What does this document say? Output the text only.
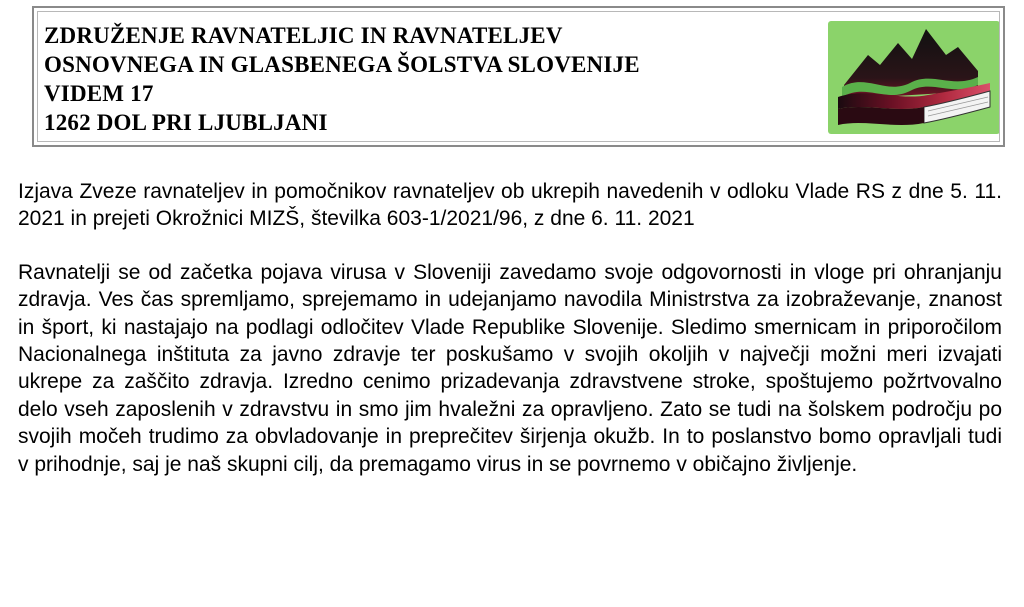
ZDRUŽENJE RAVNATELJIC IN RAVNATELJEV
OSNOVNEGA IN GLASBENEGA ŠOLSTVA SLOVENIJE
VIDEM 17
1262 DOL PRI LJUBLJANI

Izjava Zveze ravnateljev in pomočnikov ravnateljev ob ukrepih navedenih v odloku Vlade RS z dne 5. 11. 2021 in prejeti Okrožnici MIZŠ, številka 603-1/2021/96, z dne 6. 11. 2021

Ravnatelji se od začetka pojava virusa v Sloveniji zavedamo svoje odgovornosti in vloge pri ohranjanju zdravja. Ves čas spremljamo, sprejemamo in udejanjamo navodila Ministrstva za izobraževanje, znanost in šport, ki nastajajo na podlagi odločitev Vlade Republike Slovenije. Sledimo smernicam in priporočilom Nacionalnega inštituta za javno zdravje ter poskušamo v svojih okoljih v največji možni meri izvajati ukrepe za zaščito zdravja. Izredno cenimo prizadevanja zdravstvene stroke, spoštujemo požrtvovalno delo vseh zaposlenih v zdravstvu in smo jim hvaležni za opravljeno. Zato se tudi na šolskem področju po svojih močeh trudimo za obvladovanje in preprečitev širjenja okužb. In to poslanstvo bomo opravljali tudi v prihodnje, saj je naš skupni cilj, da premagamo virus in se povrnemo v običajno življenje.
